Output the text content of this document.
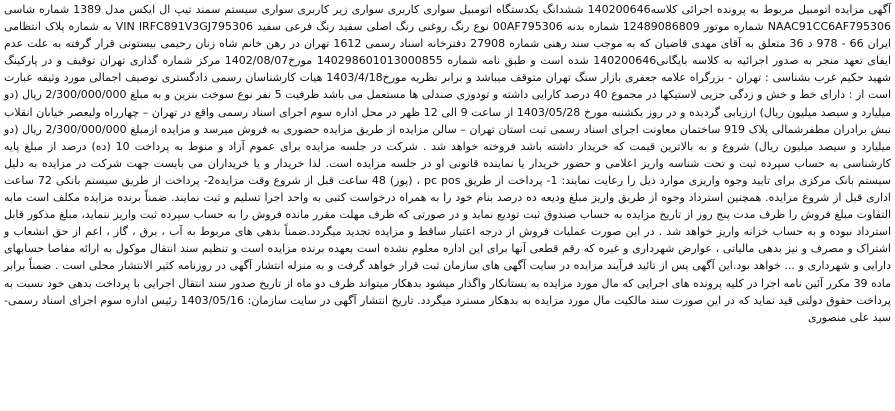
آگهی مزایده اتومبیل مربوط به پرونده اجرائی کلاسه140200646 ششدانگ یکدستگاه اتومبیل سواری کاربری سواری زیر کاربری سواری سیستم سمند تیپ ال ایکس مدل 1389 شماره شاسی NAAC91CC6AF795306 شماره موتور 12489086809 شماره بدنه 00AF795306 نوع رنگ روغنی رنگ اصلی سفید رنگ فرعی سفید VIN IRFC891V3GJ795306 به شماره پلاک انتظامی ایران 66 - 978 د 36 متعلق به آقای مهدی قاضیان که به موجب سند رهنی شماره 27908 دفترخانه اسناد رسمی 1612 تهران در رهن خانم شاه زنان رحیمی بیستونی قرار گرفته به علت عدم ایفای تعهد منجر به صدور اجرائیه به کلاسه بایگانی140200646 شده است و طبق نامه شماره 140298601013000855 مورخ1402/08/07 مرکز شماره گذاری تهران توقیف و در پارکینگ شهید حکیم غرب بشناسی : تهران - بزرگراه علامه جعفری بازار سنگ تهران متوقف میباشد و برابر نظریه مورخ1403/4/18 هیات کارشناسان رسمی دادگستری توصیف اجمالی مورد وثیقه عبارت است از : دارای خط و خش و زدگی جزیی لاستیکها در مجموع 40 درصد کارایی داشته و تودوزی صندلی ها مستعمل می باشد ظرفیت 5 نفر نوع سوخت بنزین و به مبلغ 2/300/000/000 ریال (دو میلیارد و سیصد میلیون ریال) ارزیابی گردیده و در روز یکشنبه مورخ 1403/05/28 از ساعت 9 الی 12 ظهر در محل اداره سوم اجرای اسناد رسمی واقع در تهران – چهارراه ولیعصر خیابان انقلاب نبش برادران مظفرشمالی پلاک 919 ساختمان معاونت اجرای اسناد رسمی ثبت استان تهران – سالن مزایده از طریق مزایده حضوری به فروش میرسد و مزایده ازمبلغ 2/300/000/000 ریال (دو میلیارد و سیصد میلیون ریال) شروع و به بالاترین قیمت که خریدار داشته باشد فروخته خواهد شد . شرکت در جلسه مزایده برای عموم آزاد و منوط به پرداخت 10 (ده) درصد از مبلغ پایه کارشناسی به حساب سپرده ثبت و تحت شناسه واریز اعلامی و حضور خریدار یا نماینده قانونی او در جلسه مزایده است. لذا خریدار و یا خریداران می بایست جهت شرکت در مزایده به دلیل سیستم بانک مرکزی برای تایید وجوه واریزی موارد ذیل را رعایت نمایند: 1- پرداخت از طریق pc pos ، (پوز) 48 ساعت قبل از شروع وقت مزایده2- پرداخت از طریق سیستم بانکی 72 ساعت اداری قبل از شروع مزایده. همچنین استرداد وجوه از طریق واریز مبلغ ودیعه ده درصد بنام خود را به همراه درخواست کتبی به واحد اجرا تسلیم و ثبت نمایند. ضمناً برنده مزایده مکلف است مابه التفاوت مبلغ فروش را ظرف مدت پنج روز از تاریخ مزایده به حساب صندوق ثبت تودیع نماید و در صورتی که ظرف مهلت مقرر مانده فروش را به حساب سپرده ثبت واریز ننماید، مبلغ مذکور قابل استرداد نبوده و به حساب خزانه واریز خواهد شد . در این صورت عملیات فروش از درجه اعتبار ساقط و مزایده تجدید میگردد.ضمناً بدهی های مربوط به آب ، برق ، گاز ، اعم از حق انشعاب و اشتراک و مصرف و نیز بدهی مالیاتی ، عوارض شهرداری و غیره که رقم قطعی آنها برای این اداره معلوم نشده است بعهده برنده مزایده است و تنظیم سند انتقال موکول به ارائه مفاصا حسابهای دارایی و شهرداری و ... خواهد بود.این آگهی پس از تائید فرآیند مزایده در سایت آگهی های سازمان ثبت قرار خواهد گرفت و به منزله انتشار آگهی در روزنامه کثیر الانتشار محلی است . ضمناً برابر ماده 39 مکرر آئین نامه اجرا در کلیه پرونده های اجرایی که مال مورد مزایده به بستانکار واگذار میشود بدهکار میتواند ظرف دو ماه از تاریخ صدور سند انتقال اجرایی با پرداخت بدهی خود نسبت به پرداخت حقوق دولتی قید نماید که در این صورت سند مالکیت مال مورد مزایده به بدهکار مسترد میگردد. تاریخ انتشار آگهی در سایت سازمان: 1403/05/16 رئیس اداره سوم اجرای اسناد رسمی- سید علی منصوری
